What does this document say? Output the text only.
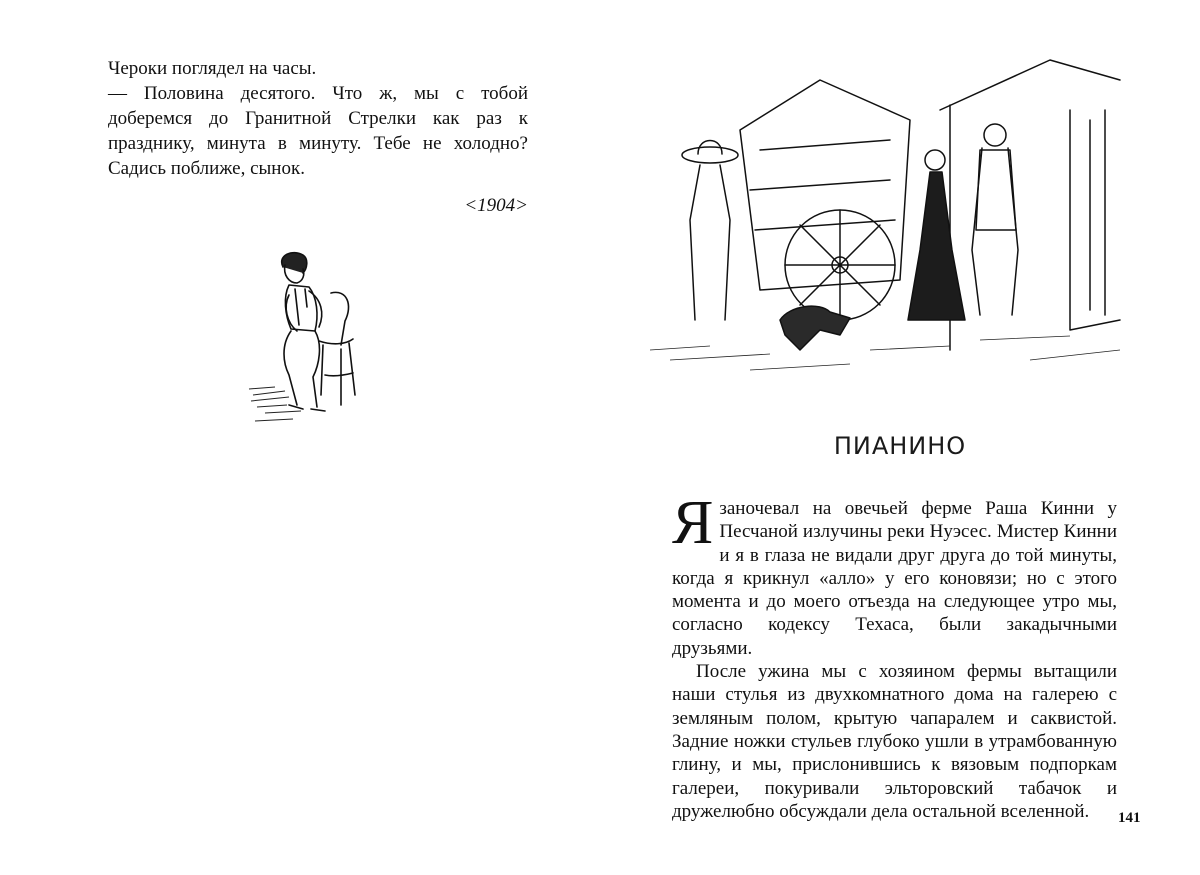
Чероки поглядел на часы.

— Половина десятого. Что ж, мы с тобой доберемся до Гранитной Стрелки как раз к празднику, минута в минуту. Тебе не холодно? Садись поближе, сынок.

<1904>

ПИАНИНО

Язаночевал на овечьей ферме Раша Кинни у Песчаной излучины реки Нуэсес. Мистер Кинни и я в глаза не видали друг друга до той минуты, когда я крикнул «алло» у его коновязи; но с этого момента и до моего отъезда на следующее утро мы, согласно кодексу Техаса, были закадычными друзьями.

После ужина мы с хозяином фермы вытащили наши стулья из двухкомнатного дома на галерею с земляным полом, крытую чапаралем и саквистой. Задние ножки стульев глубоко ушли в утрамбованную глину, и мы, прислонившись к вязовым подпоркам галереи, покуривали эльторовский табачок и дружелюбно обсуждали дела остальной вселенной.	141
